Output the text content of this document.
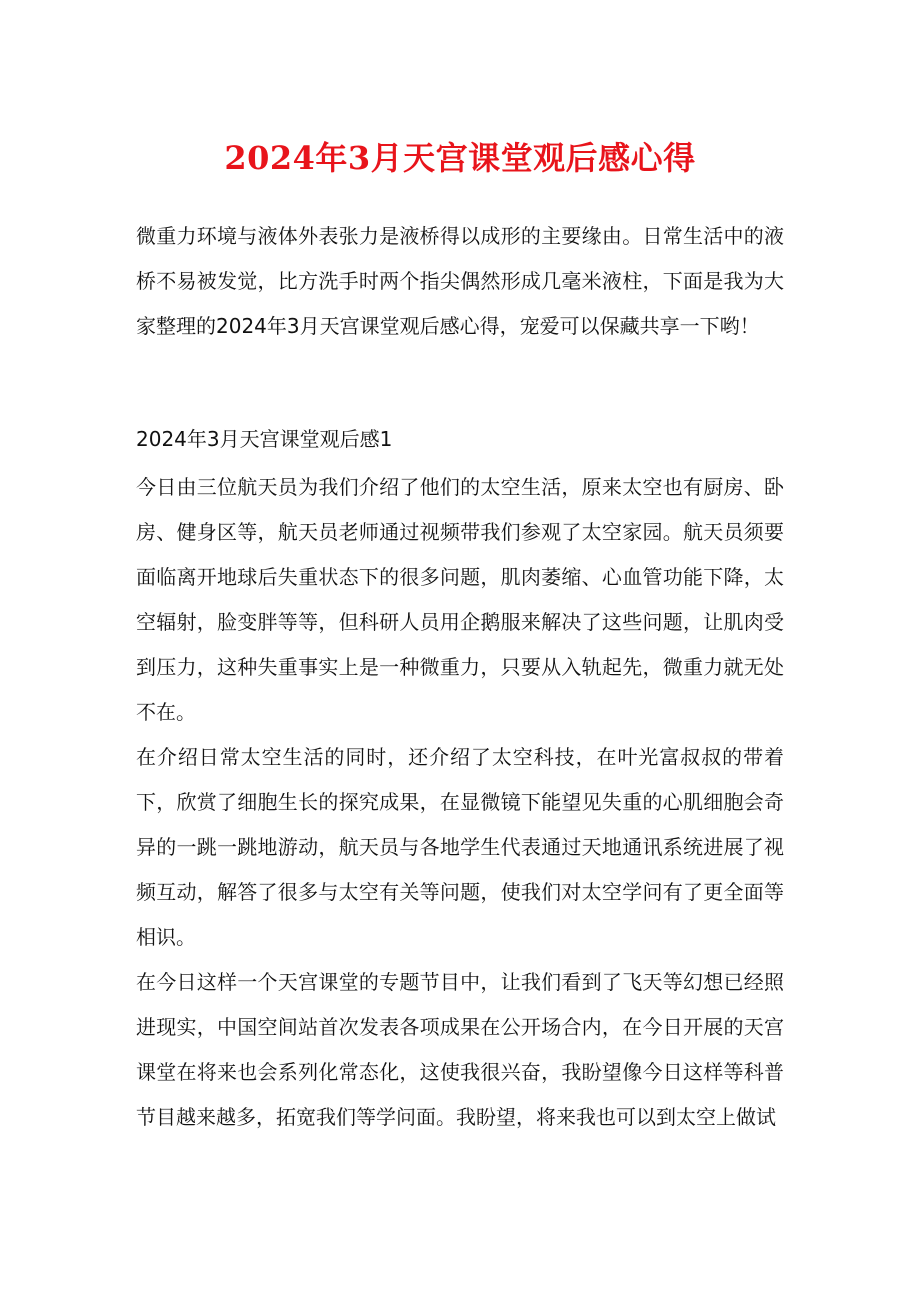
2024年3月天宫课堂观后感心得

微重力环境与液体外表张力是液桥得以成形的主要缘由。日常生活中的液桥不易被发觉，比方洗手时两个指尖偶然形成几毫米液柱，下面是我为大家整理的2024年3月天宫课堂观后感心得，宠爱可以保藏共享一下哟！

2024年3月天宫课堂观后感1

今日由三位航天员为我们介绍了他们的太空生活，原来太空也有厨房、卧房、健身区等，航天员老师通过视频带我们参观了太空家园。航天员须要面临离开地球后失重状态下的很多问题，肌肉萎缩、心血管功能下降，太空辐射，脸变胖等等，但科研人员用企鹅服来解决了这些问题，让肌肉受到压力，这种失重事实上是一种微重力，只要从入轨起先，微重力就无处不在。

在介绍日常太空生活的同时，还介绍了太空科技，在叶光富叔叔的带着下，欣赏了细胞生长的探究成果，在显微镜下能望见失重的心肌细胞会奇异的一跳一跳地游动，航天员与各地学生代表通过天地通讯系统进展了视频互动，解答了很多与太空有关等问题，使我们对太空学问有了更全面等相识。

在今日这样一个天宫课堂的专题节目中，让我们看到了飞天等幻想已经照进现实，中国空间站首次发表各项成果在公开场合内，在今日开展的天宫课堂在将来也会系列化常态化，这使我很兴奋，我盼望像今日这样等科普节目越来越多，拓宽我们等学问面。我盼望，将来我也可以到太空上做试
